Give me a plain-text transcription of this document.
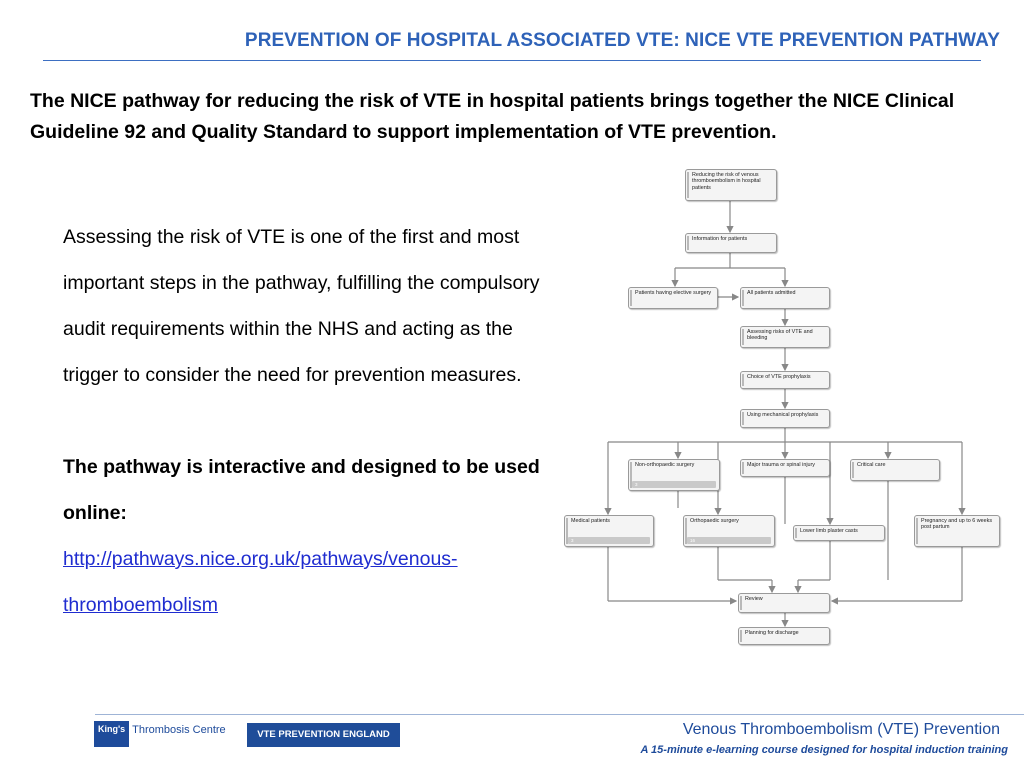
PREVENTION OF HOSPITAL ASSOCIATED VTE: NICE VTE PREVENTION PATHWAY
The NICE pathway for reducing the risk of VTE in hospital patients brings together the NICE Clinical Guideline 92 and Quality Standard to support implementation of VTE prevention.

Assessing the risk of VTE is one of the first and most important steps in the pathway, fulfilling the compulsory audit requirements within the NHS and acting as the trigger to consider the need for prevention measures.

The pathway is interactive and designed to be used online:

http://pathways.nice.org.uk/pathways/venous-thromboembolism

Reducing the risk of venous thromboembolism in hospital patients
Information for patients
Patients having elective surgery	All patients admitted
Assessing risks of VTE and bleeding
Choice of VTE prophylaxis
Using mechanical prophylaxis
Non-orthopaedic surgery
3
Major trauma or spinal injury	Critical care
Medical patients
3
Orthopaedic surgery
16
Lower limb plaster casts
Pregnancy and up to 6 weeks post partum
Review
Planning for discharge
King's Thrombosis Centre	VTE PREVENTION ENGLAND	Venous Thromboembolism (VTE) Prevention
A 15-minute e-learning course designed for hospital induction training
